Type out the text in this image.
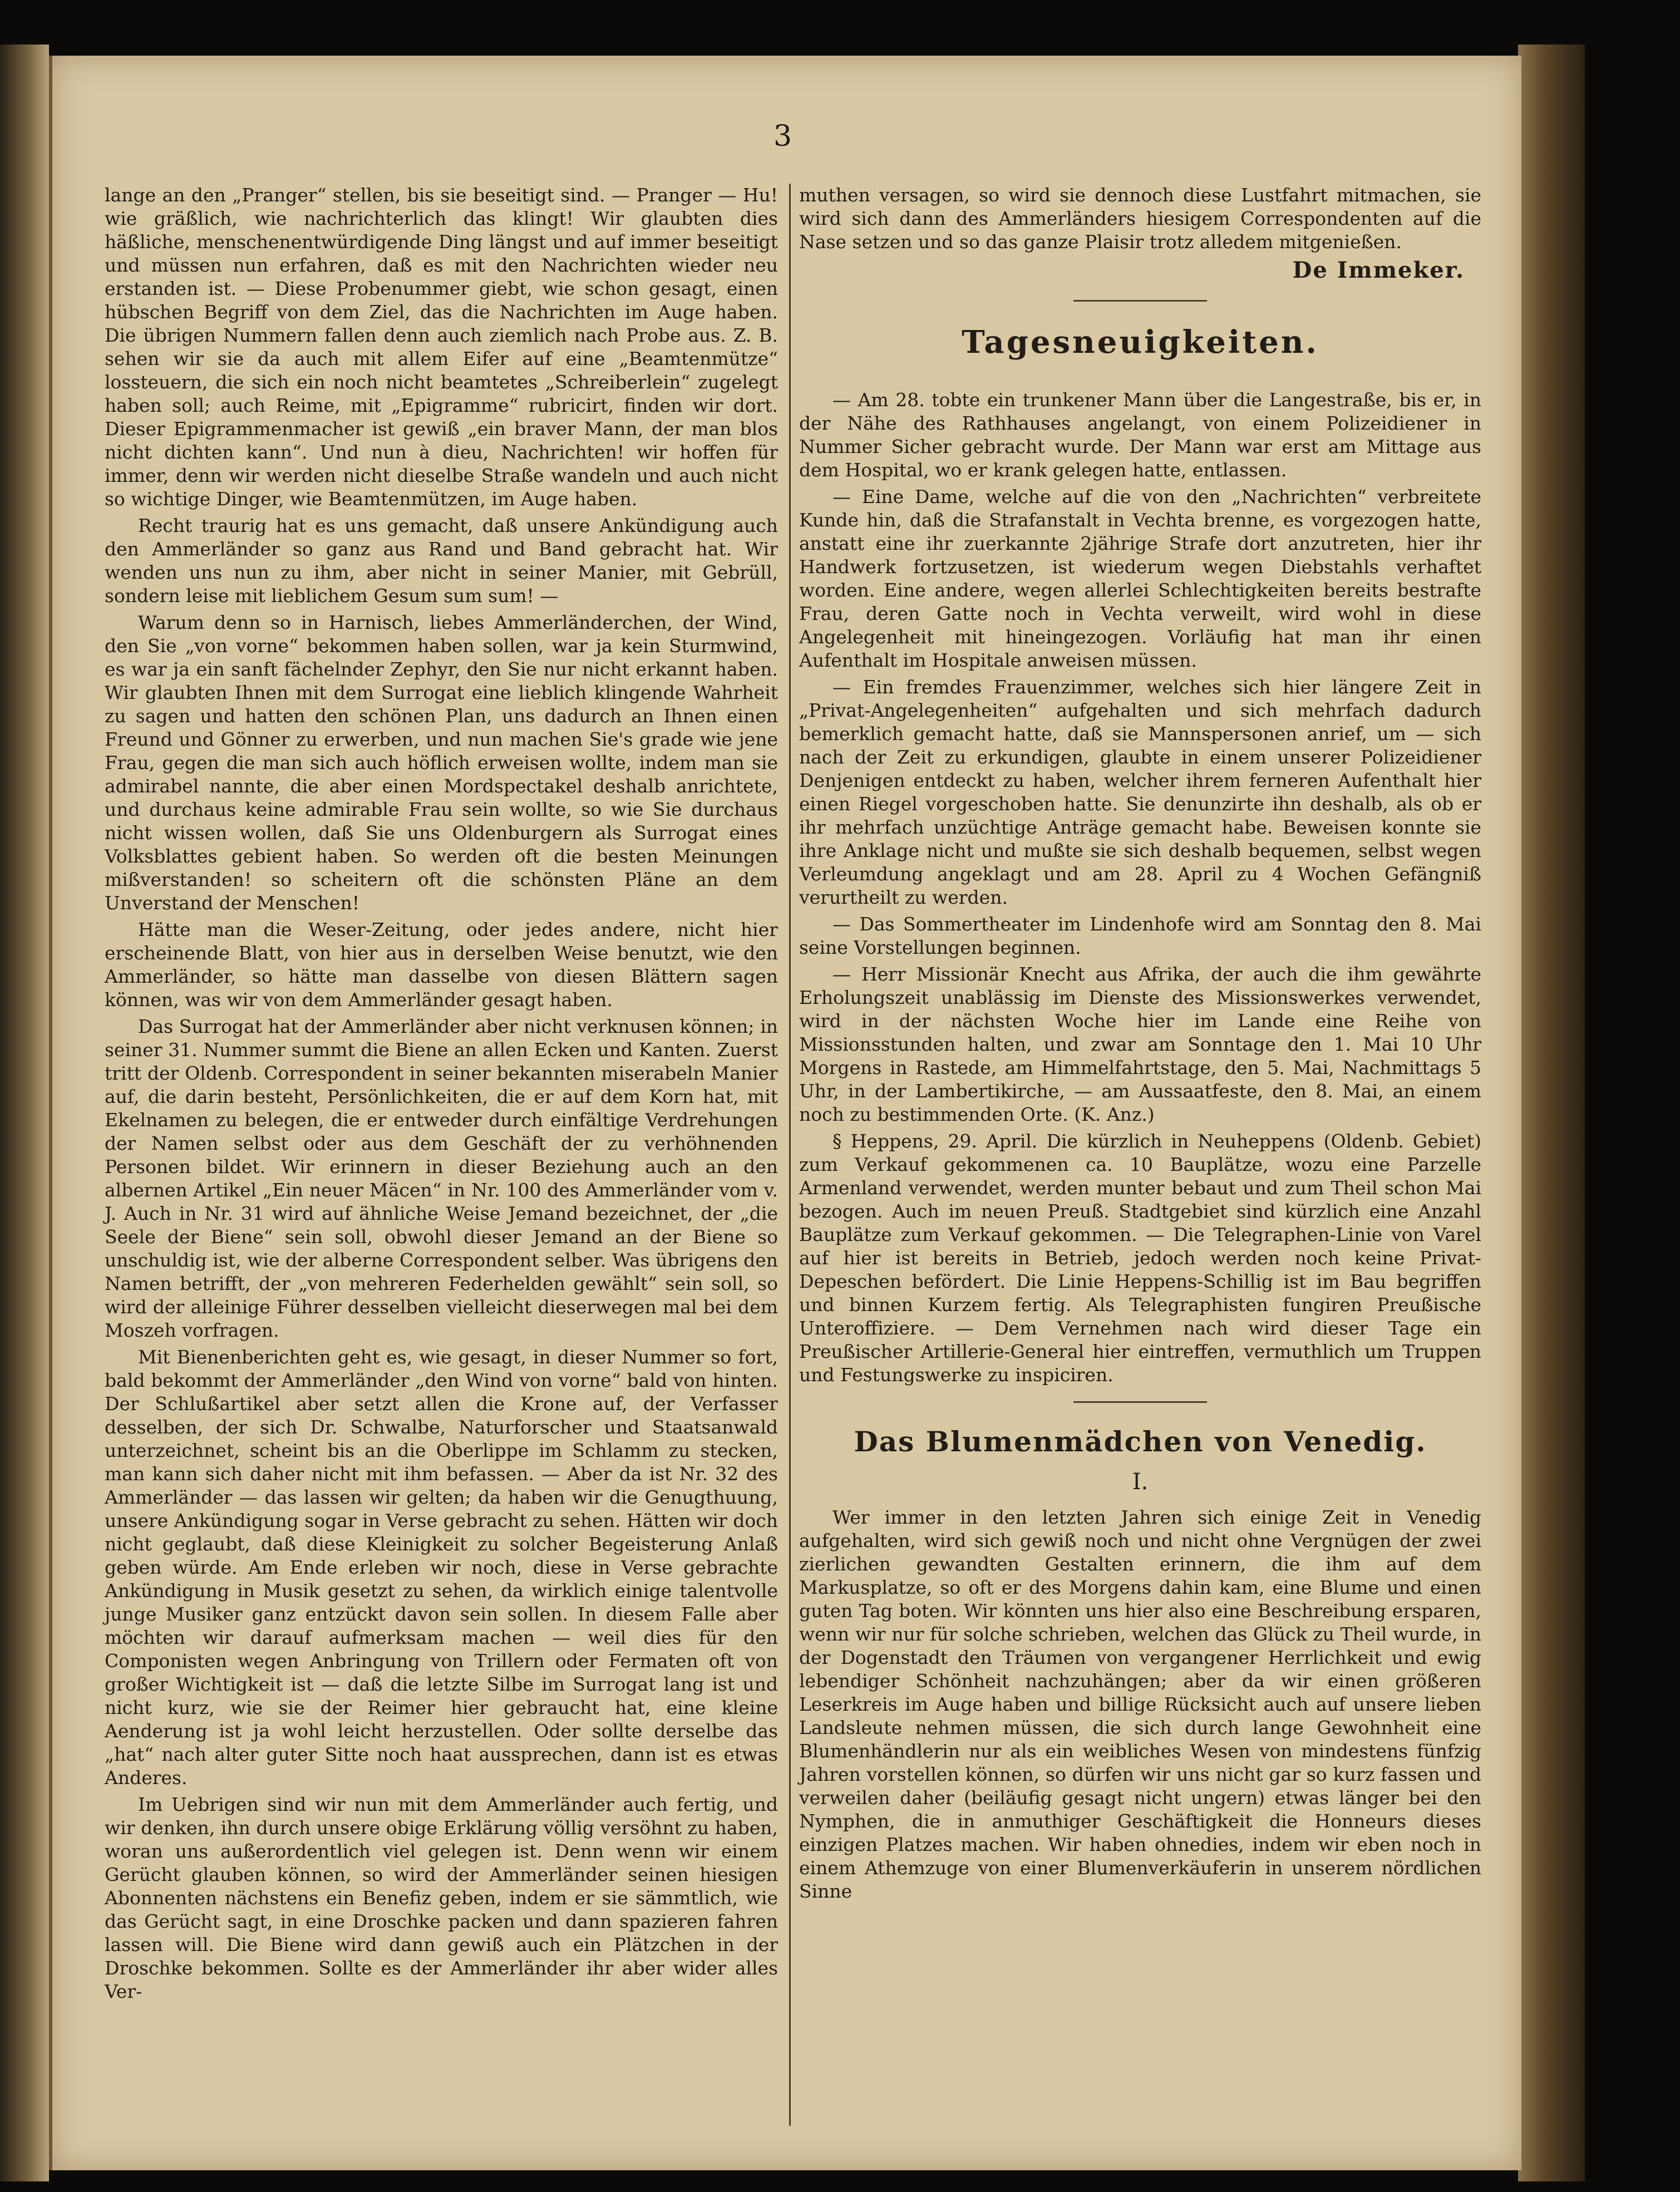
3

lange an den „Pranger“ stellen, bis sie beseitigt sind. — Pranger — Hu! wie gräßlich, wie nachrichterlich das klingt! Wir glaubten dies häßliche, menschenentwürdigende Ding längst und auf immer beseitigt und müssen nun erfahren, daß es mit den Nachrichten wieder neu erstanden ist. — Diese Probenummer giebt, wie schon gesagt, einen hübschen Begriff von dem Ziel, das die Nachrichten im Auge haben. Die übrigen Nummern fallen denn auch ziemlich nach Probe aus. Z. B. sehen wir sie da auch mit allem Eifer auf eine „Beamtenmütze“ lossteuern, die sich ein noch nicht beamtetes „Schreiberlein“ zugelegt haben soll; auch Reime, mit „Epigramme“ rubricirt, finden wir dort. Dieser Epigrammenmacher ist gewiß „ein braver Mann, der man blos nicht dichten kann“. Und nun à dieu, Nachrichten! wir hoffen für immer, denn wir werden nicht dieselbe Straße wandeln und auch nicht so wichtige Dinger, wie Beamtenmützen, im Auge haben.

Recht traurig hat es uns gemacht, daß unsere Ankündigung auch den Ammerländer so ganz aus Rand und Band gebracht hat. Wir wenden uns nun zu ihm, aber nicht in seiner Manier, mit Gebrüll, sondern leise mit lieblichem Gesum sum sum! —

Warum denn so in Harnisch, liebes Ammerländerchen, der Wind, den Sie „von vorne“ bekommen haben sollen, war ja kein Sturmwind, es war ja ein sanft fächelnder Zephyr, den Sie nur nicht erkannt haben. Wir glaubten Ihnen mit dem Surrogat eine lieblich klingende Wahrheit zu sagen und hatten den schönen Plan, uns dadurch an Ihnen einen Freund und Gönner zu erwerben, und nun machen Sie's grade wie jene Frau, gegen die man sich auch höflich erweisen wollte, indem man sie admirabel nannte, die aber einen Mordspectakel deshalb anrichtete, und durchaus keine admirable Frau sein wollte, so wie Sie durchaus nicht wissen wollen, daß Sie uns Oldenburgern als Surrogat eines Volksblattes gebient haben. So werden oft die besten Meinungen mißverstanden! so scheitern oft die schönsten Pläne an dem Unverstand der Menschen!

Hätte man die Weser-Zeitung, oder jedes andere, nicht hier erscheinende Blatt, von hier aus in derselben Weise benutzt, wie den Ammerländer, so hätte man dasselbe von diesen Blättern sagen können, was wir von dem Ammerländer gesagt haben.

Das Surrogat hat der Ammerländer aber nicht verknusen können; in seiner 31. Nummer summt die Biene an allen Ecken und Kanten. Zuerst tritt der Oldenb. Correspondent in seiner bekannten miserabeln Manier auf, die darin besteht, Persönlichkeiten, die er auf dem Korn hat, mit Ekelnamen zu belegen, die er entweder durch einfältige Verdrehungen der Namen selbst oder aus dem Geschäft der zu verhöhnenden Personen bildet. Wir erinnern in dieser Beziehung auch an den albernen Artikel „Ein neuer Mäcen“ in Nr. 100 des Ammerländer vom v. J. Auch in Nr. 31 wird auf ähnliche Weise Jemand bezeichnet, der „die Seele der Biene“ sein soll, obwohl dieser Jemand an der Biene so unschuldig ist, wie der alberne Correspondent selber. Was übrigens den Namen betrifft, der „von mehreren Federhelden gewählt“ sein soll, so wird der alleinige Führer desselben vielleicht dieserwegen mal bei dem Moszeh vorfragen.

Mit Bienenberichten geht es, wie gesagt, in dieser Nummer so fort, bald bekommt der Ammerländer „den Wind von vorne“ bald von hinten. Der Schlußartikel aber setzt allen die Krone auf, der Verfasser desselben, der sich Dr. Schwalbe, Naturforscher und Staatsanwald unterzeichnet, scheint bis an die Oberlippe im Schlamm zu stecken, man kann sich daher nicht mit ihm befassen. — Aber da ist Nr. 32 des Ammerländer — das lassen wir gelten; da haben wir die Genugthuung, unsere Ankündigung sogar in Verse gebracht zu sehen. Hätten wir doch nicht geglaubt, daß diese Kleinigkeit zu solcher Begeisterung Anlaß geben würde. Am Ende erleben wir noch, diese in Verse gebrachte Ankündigung in Musik gesetzt zu sehen, da wirklich einige talentvolle junge Musiker ganz entzückt davon sein sollen. In diesem Falle aber möchten wir darauf aufmerksam machen — weil dies für den Componisten wegen Anbringung von Trillern oder Fermaten oft von großer Wichtigkeit ist — daß die letzte Silbe im Surrogat lang ist und nicht kurz, wie sie der Reimer hier gebraucht hat, eine kleine Aenderung ist ja wohl leicht herzustellen. Oder sollte derselbe das „hat“ nach alter guter Sitte noch haat aussprechen, dann ist es etwas Anderes.

Im Uebrigen sind wir nun mit dem Ammerländer auch fertig, und wir denken, ihn durch unsere obige Erklärung völlig versöhnt zu haben, woran uns außerordentlich viel gelegen ist. Denn wenn wir einem Gerücht glauben können, so wird der Ammerländer seinen hiesigen Abonnenten nächstens ein Benefiz geben, indem er sie sämmtlich, wie das Gerücht sagt, in eine Droschke packen und dann spazieren fahren lassen will. Die Biene wird dann gewiß auch ein Plätzchen in der Droschke bekommen. Sollte es der Ammerländer ihr aber wider alles Ver-

muthen versagen, so wird sie dennoch diese Lustfahrt mitmachen, sie wird sich dann des Ammerländers hiesigem Correspondenten auf die Nase setzen und so das ganze Plaisir trotz alledem mitgenießen.

De Immeker.
Tagesneuigkeiten.

— Am 28. tobte ein trunkener Mann über die Langestraße, bis er, in der Nähe des Rathhauses angelangt, von einem Polizeidiener in Nummer Sicher gebracht wurde. Der Mann war erst am Mittage aus dem Hospital, wo er krank gelegen hatte, entlassen.

— Eine Dame, welche auf die von den „Nachrichten“ verbreitete Kunde hin, daß die Strafanstalt in Vechta brenne, es vorgezogen hatte, anstatt eine ihr zuerkannte 2jährige Strafe dort anzutreten, hier ihr Handwerk fortzusetzen, ist wiederum wegen Diebstahls verhaftet worden. Eine andere, wegen allerlei Schlechtigkeiten bereits bestrafte Frau, deren Gatte noch in Vechta verweilt, wird wohl in diese Angelegenheit mit hineingezogen. Vorläufig hat man ihr einen Aufenthalt im Hospitale anweisen müssen.

— Ein fremdes Frauenzimmer, welches sich hier längere Zeit in „Privat-Angelegenheiten“ aufgehalten und sich mehrfach dadurch bemerklich gemacht hatte, daß sie Mannspersonen anrief, um — sich nach der Zeit zu erkundigen, glaubte in einem unserer Polizeidiener Denjenigen entdeckt zu haben, welcher ihrem ferneren Aufenthalt hier einen Riegel vorgeschoben hatte. Sie denunzirte ihn deshalb, als ob er ihr mehrfach unzüchtige Anträge gemacht habe. Beweisen konnte sie ihre Anklage nicht und mußte sie sich deshalb bequemen, selbst wegen Verleumdung angeklagt und am 28. April zu 4 Wochen Gefängniß verurtheilt zu werden.

— Das Sommertheater im Lindenhofe wird am Sonntag den 8. Mai seine Vorstellungen beginnen.

— Herr Missionär Knecht aus Afrika, der auch die ihm gewährte Erholungszeit unablässig im Dienste des Missionswerkes verwendet, wird in der nächsten Woche hier im Lande eine Reihe von Missionsstunden halten, und zwar am Sonntage den 1. Mai 10 Uhr Morgens in Rastede, am Himmelfahrtstage, den 5. Mai, Nachmittags 5 Uhr, in der Lambertikirche, — am Aussaatfeste, den 8. Mai, an einem noch zu bestimmenden Orte. (K. Anz.)

§ Heppens, 29. April. Die kürzlich in Neuheppens (Oldenb. Gebiet) zum Verkauf gekommenen ca. 10 Bauplätze, wozu eine Parzelle Armenland verwendet, werden munter bebaut und zum Theil schon Mai bezogen. Auch im neuen Preuß. Stadtgebiet sind kürzlich eine Anzahl Bauplätze zum Verkauf gekommen. — Die Telegraphen-Linie von Varel auf hier ist bereits in Betrieb, jedoch werden noch keine Privat-Depeschen befördert. Die Linie Heppens-Schillig ist im Bau begriffen und binnen Kurzem fertig. Als Telegraphisten fungiren Preußische Unteroffiziere. — Dem Vernehmen nach wird dieser Tage ein Preußischer Artillerie-General hier eintreffen, vermuthlich um Truppen und Festungswerke zu inspiciren.

Das Blumenmädchen von Venedig.
I.

Wer immer in den letzten Jahren sich einige Zeit in Venedig aufgehalten, wird sich gewiß noch und nicht ohne Vergnügen der zwei zierlichen gewandten Gestalten erinnern, die ihm auf dem Markusplatze, so oft er des Morgens dahin kam, eine Blume und einen guten Tag boten. Wir könnten uns hier also eine Beschreibung ersparen, wenn wir nur für solche schrieben, welchen das Glück zu Theil wurde, in der Dogenstadt den Träumen von vergangener Herrlichkeit und ewig lebendiger Schönheit nachzuhängen; aber da wir einen größeren Leserkreis im Auge haben und billige Rücksicht auch auf unsere lieben Landsleute nehmen müssen, die sich durch lange Gewohnheit eine Blumenhändlerin nur als ein weibliches Wesen von mindestens fünfzig Jahren vorstellen können, so dürfen wir uns nicht gar so kurz fassen und verweilen daher (beiläufig gesagt nicht ungern) etwas länger bei den Nymphen, die in anmuthiger Geschäftigkeit die Honneurs dieses einzigen Platzes machen. Wir haben ohnedies, indem wir eben noch in einem Athemzuge von einer Blumenverkäuferin in unserem nördlichen Sinne
